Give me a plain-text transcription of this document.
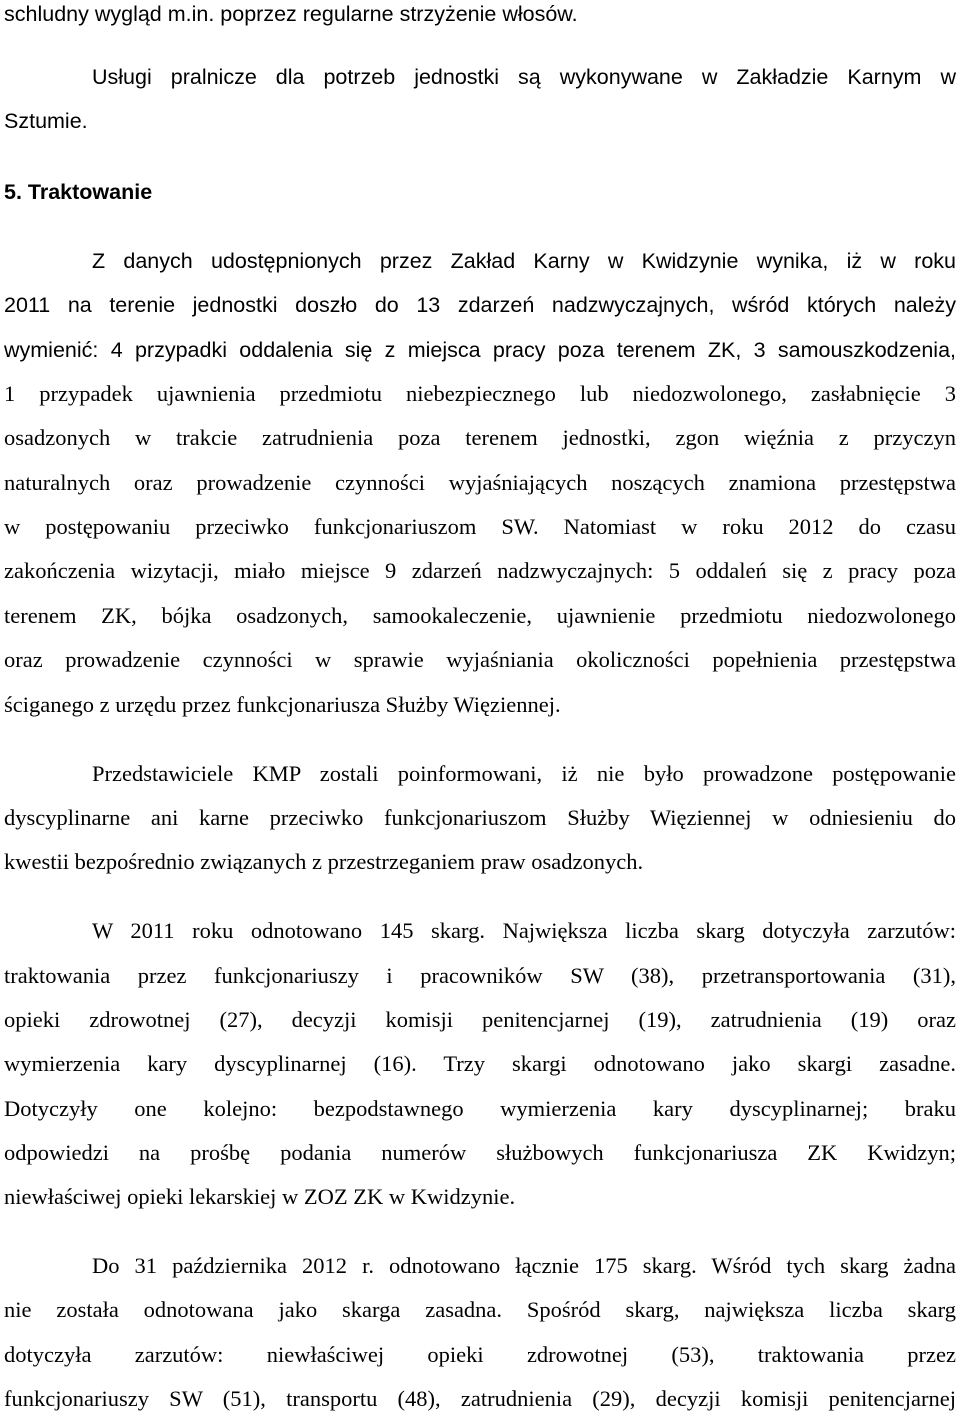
schludny wygląd m.in. poprzez regularne strzyżenie włosów.
Usługi pralnicze dla potrzeb jednostki są wykonywane w Zakładzie Karnym w
Sztumie.
5. Traktowanie
Z danych udostępnionych przez Zakład Karny w Kwidzynie wynika, iż w roku
2011 na terenie jednostki doszło do 13 zdarzeń nadzwyczajnych, wśród których należy
wymienić: 4 przypadki oddalenia się z miejsca pracy poza terenem ZK, 3 samouszkodzenia,
1 przypadek ujawnienia przedmiotu niebezpiecznego lub niedozwolonego, zasłabnięcie 3
osadzonych w trakcie zatrudnienia poza terenem jednostki, zgon więźnia z przyczyn
naturalnych oraz prowadzenie czynności wyjaśniających noszących znamiona przestępstwa
w postępowaniu przeciwko funkcjonariuszom SW. Natomiast w roku 2012 do czasu
zakończenia wizytacji, miało miejsce 9 zdarzeń nadzwyczajnych: 5 oddaleń się z pracy poza
terenem ZK, bójka osadzonych, samookaleczenie, ujawnienie przedmiotu niedozwolonego
oraz prowadzenie czynności w sprawie wyjaśniania okoliczności popełnienia przestępstwa
ściganego z urzędu przez funkcjonariusza Służby Więziennej.
Przedstawiciele KMP zostali poinformowani, iż nie było prowadzone postępowanie
dyscyplinarne ani karne przeciwko funkcjonariuszom Służby Więziennej w odniesieniu do
kwestii bezpośrednio związanych z przestrzeganiem praw osadzonych.
W 2011 roku odnotowano 145 skarg. Największa liczba skarg dotyczyła zarzutów:
traktowania przez funkcjonariuszy i pracowników SW (38), przetransportowania (31),
opieki zdrowotnej (27), decyzji komisji penitencjarnej (19), zatrudnienia (19) oraz
wymierzenia kary dyscyplinarnej (16). Trzy skargi odnotowano jako skargi zasadne.
Dotyczyły one kolejno: bezpodstawnego wymierzenia kary dyscyplinarnej; braku
odpowiedzi na prośbę podania numerów służbowych funkcjonariusza ZK Kwidzyn;
niewłaściwej opieki lekarskiej w ZOZ ZK w Kwidzynie.
Do 31 października 2012 r. odnotowano łącznie 175 skarg. Wśród tych skarg żadna
nie została odnotowana jako skarga zasadna. Spośród skarg, największa liczba skarg
dotyczyła zarzutów: niewłaściwej opieki zdrowotnej (53), traktowania przez
funkcjonariuszy SW (51), transportu (48), zatrudnienia (29), decyzji komisji penitencjarnej
